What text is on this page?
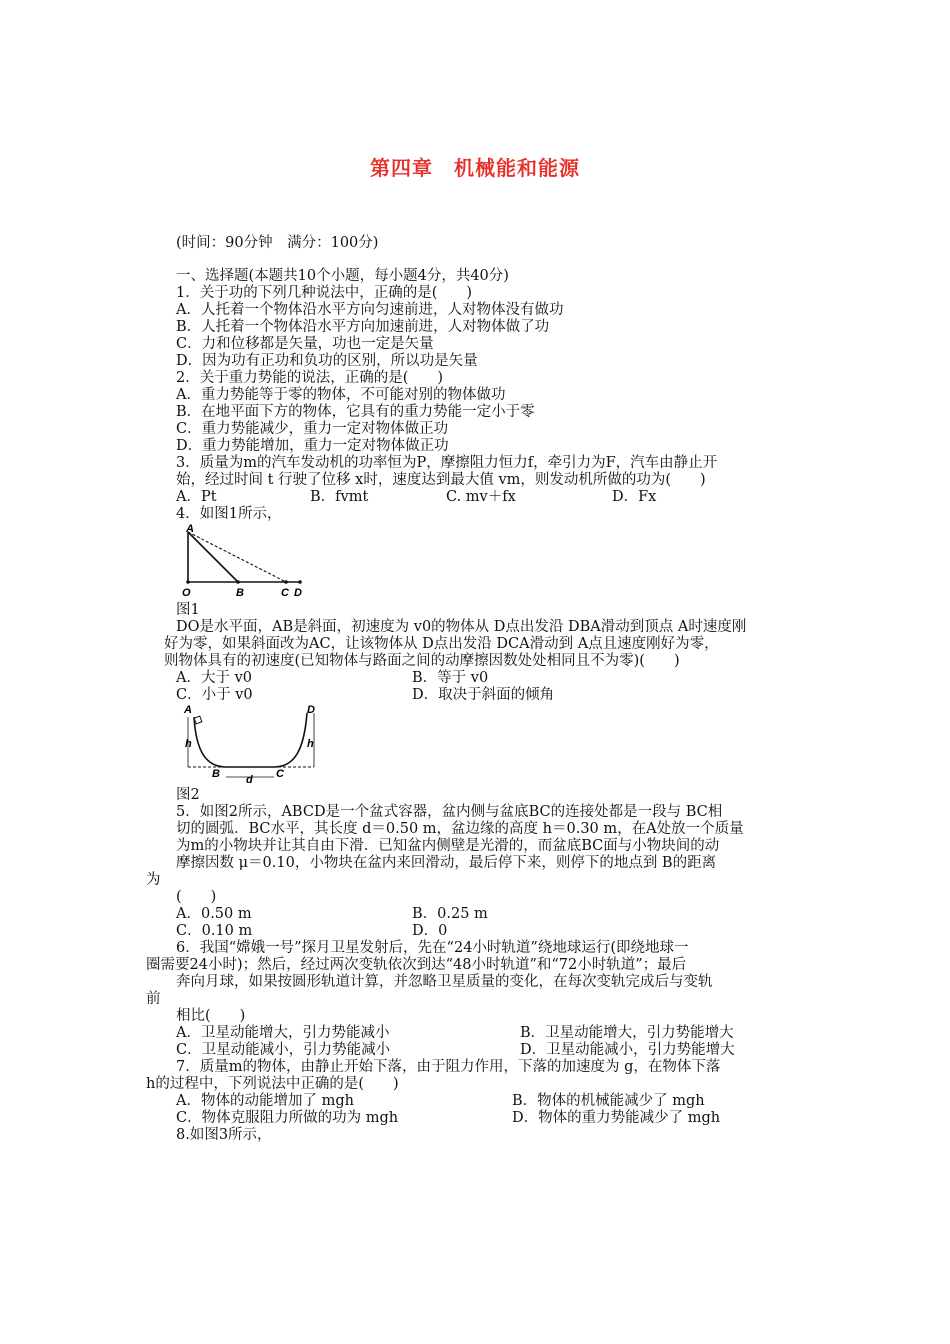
第四章　机械能和能源
(时间：90分钟　满分：100分)
一、选择题(本题共10个小题，每小题4分，共40分)
1．关于功的下列几种说法中，正确的是(　　)
A．人托着一个物体沿水平方向匀速前进，人对物体没有做功
B．人托着一个物体沿水平方向加速前进，人对物体做了功
C．力和位移都是矢量，功也一定是矢量
D．因为功有正功和负功的区别，所以功是矢量
2．关于重力势能的说法，正确的是(　　)
A．重力势能等于零的物体，不可能对别的物体做功
B．在地平面下方的物体，它具有的重力势能一定小于零
C．重力势能减少，重力一定对物体做正功
D．重力势能增加，重力一定对物体做正功
3．质量为m的汽车发动机的功率恒为P，摩擦阻力恒力f，牵引力为F，汽车由静止开
始，经过时间 t 行驶了位移 x时，速度达到最大值 vm，则发动机所做的功为(　　)
A．Pt	B．fvmt	C. mv＋fx	D．Fx
4．如图1所示，
A
O	B	C D
图1
DO是水平面，AB是斜面，初速度为 v0的物体从 D点出发沿 DBA滑动到顶点 A时速度刚
好为零，如果斜面改为AC，让该物体从 D点出发沿 DCA滑动到 A点且速度刚好为零，
则物体具有的初速度(已知物体与路面之间的动摩擦因数处处相同且不为零)(　　)
A．大于 v0	B．等于 v0
C．小于 v0	D．取决于斜面的倾角
A	D
h	h
B	C
d
图2
5．如图2所示，ABCD是一个盆式容器，盆内侧与盆底BC的连接处都是一段与 BC相
切的圆弧．BC水平，其长度 d＝0.50 m，盆边缘的高度 h＝0.30 m，在A处放一个质量
为m的小物块并让其自由下滑．已知盆内侧壁是光滑的，而盆底BC面与小物块间的动
摩擦因数 μ＝0.10，小物块在盆内来回滑动，最后停下来，则停下的地点到 B的距离
为
(　　)
A．0.50 m	B．0.25 m
C．0.10 m	D．0
6．我国“嫦娥一号”探月卫星发射后，先在“24小时轨道”绕地球运行(即绕地球一
圈需要24小时)；然后，经过两次变轨依次到达“48小时轨道”和“72小时轨道”；最后
奔向月球，如果按圆形轨道计算，并忽略卫星质量的变化，在每次变轨完成后与变轨
前
相比(　　)
A．卫星动能增大，引力势能减小	B．卫星动能增大，引力势能增大
C．卫星动能减小，引力势能减小	D．卫星动能减小，引力势能增大
7．质量m的物体，由静止开始下落，由于阻力作用，下落的加速度为 g，在物体下落
h的过程中，下列说法中正确的是(　　)
A．物体的动能增加了 mgh	B．物体的机械能减少了 mgh
C．物体克服阻力所做的功为 mgh	D．物体的重力势能减少了 mgh
8.如图3所示，
